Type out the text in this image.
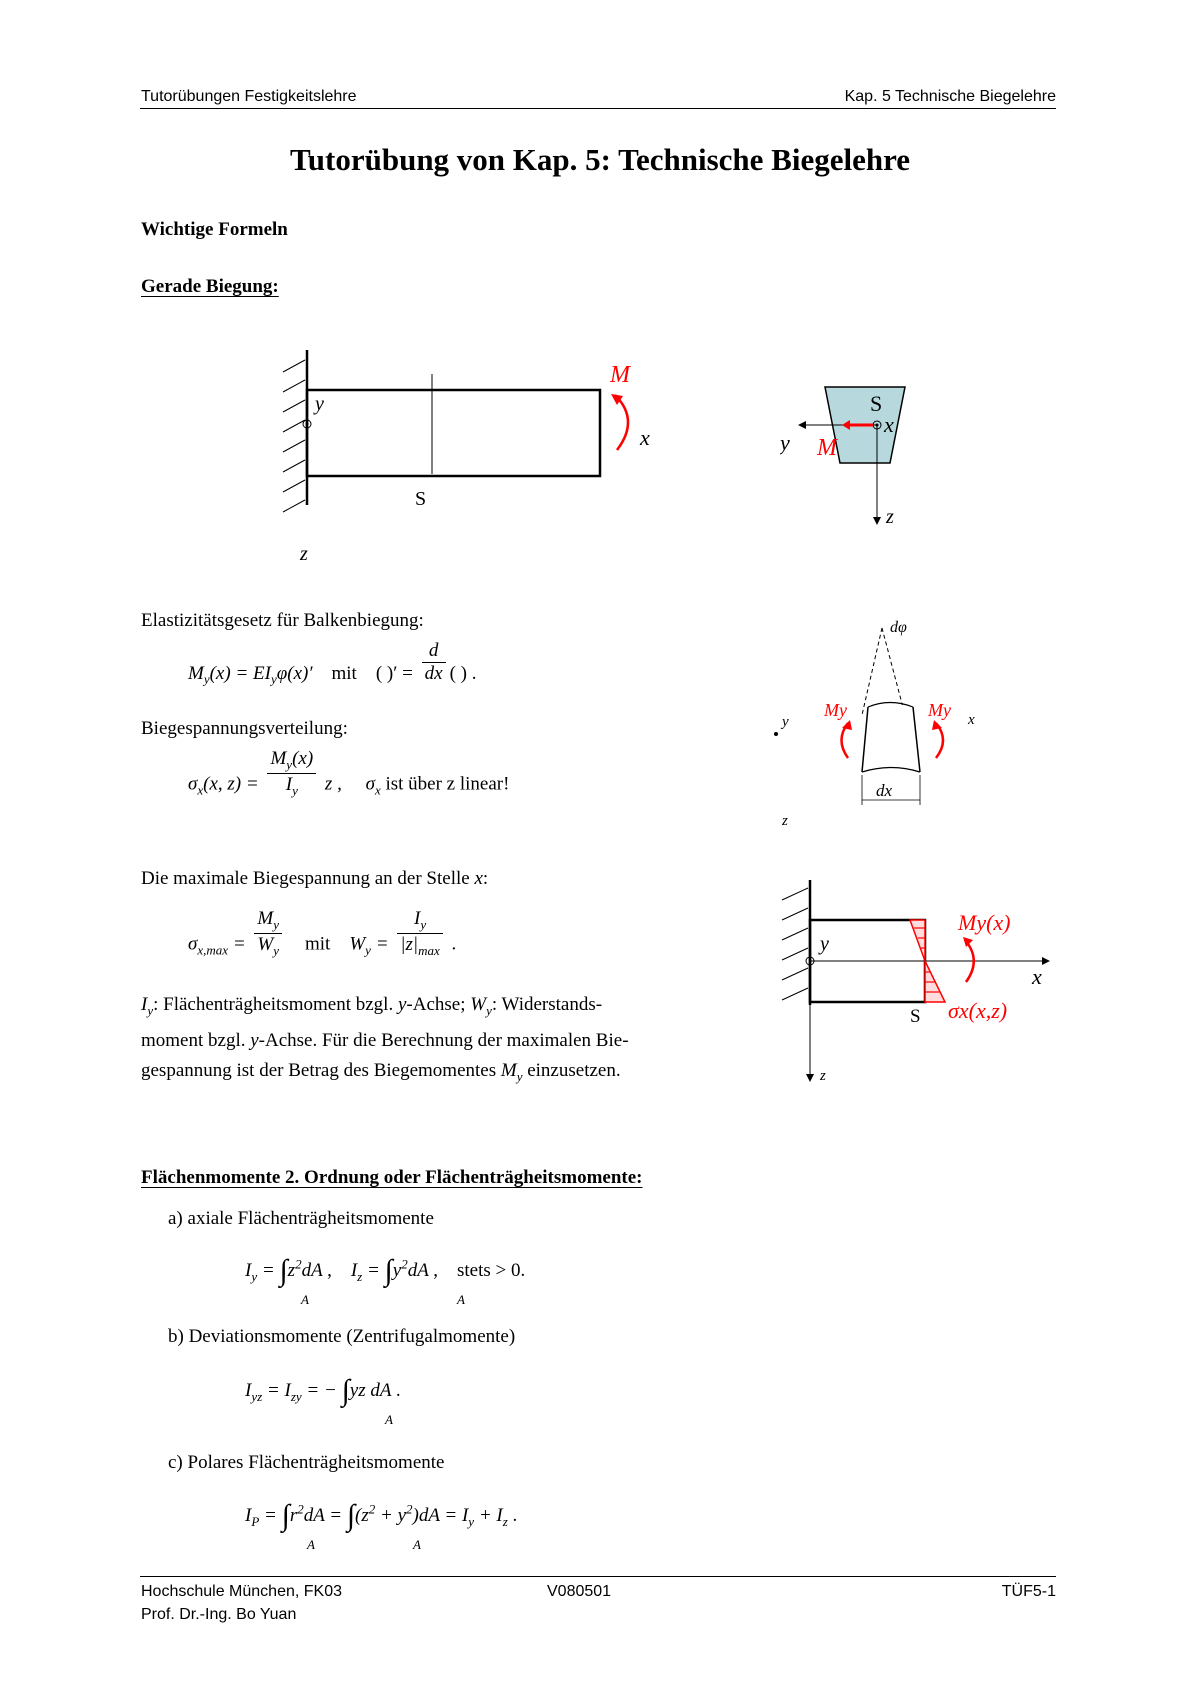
Tutorübungen Festigkeitslehre	Kap. 5 Technische Biegelehre
Tutorübung von Kap. 5: Technische Biegelehre
Wichtige Formeln
Gerade Biegung:
M
x
y
S
z
S
x
y M
z
Elastizitätsgesetz für Balkenbiegung:
$M_y(x) = EI_y\varphi(x)'$    mit ( )′ = $\frac{d}{dx}$ ( ) .
Biegespannungsverteilung:
$\sigma_x(x$, $z) = \frac{M_y(x)}{I_y}$ z ,     $\sigma_x$ ist über z linear!	dx
dφ
My	My x
y
z
Die maximale Biegespannung an der Stelle x:
$\sigma_{x,max} = \frac{M_y}{W_y}$ mit    $W_y = \frac{I_y}{|z|_{max}}$ .
$I_y$: Flächenträgheitsmoment bzgl. y-Achse; $W_y$: Widerstands-
moment bzgl. y-Achse. Für die Berechnung der maximalen Bie-
gespannung ist der Betrag des Biegemomentes $M_y$ einzusetzen.
My(x)
σx(x,z)
y
x
S
z
Flächenmomente 2. Ordnung oder Flächenträgheitsmomente:
a) axiale Flächenträgheitsmomente
$I_y = \int z^2dA$ ,    $I_z = \int y^2dA$ , stets > 0.
A	A
b) Deviationsmomente (Zentrifugalmomente)
$I_{yz} = I_{zy}$ = − ∫yz dA .
A
c) Polares Flächenträgheitsmomente
$I_P = \int r^2dA = \int(z^2 + y^2)dA = I_y + I_z$ .
A	A
Hochschule München, FK03
Prof. Dr.-Ing. Bo Yuan
V080501	TÜF5-1
